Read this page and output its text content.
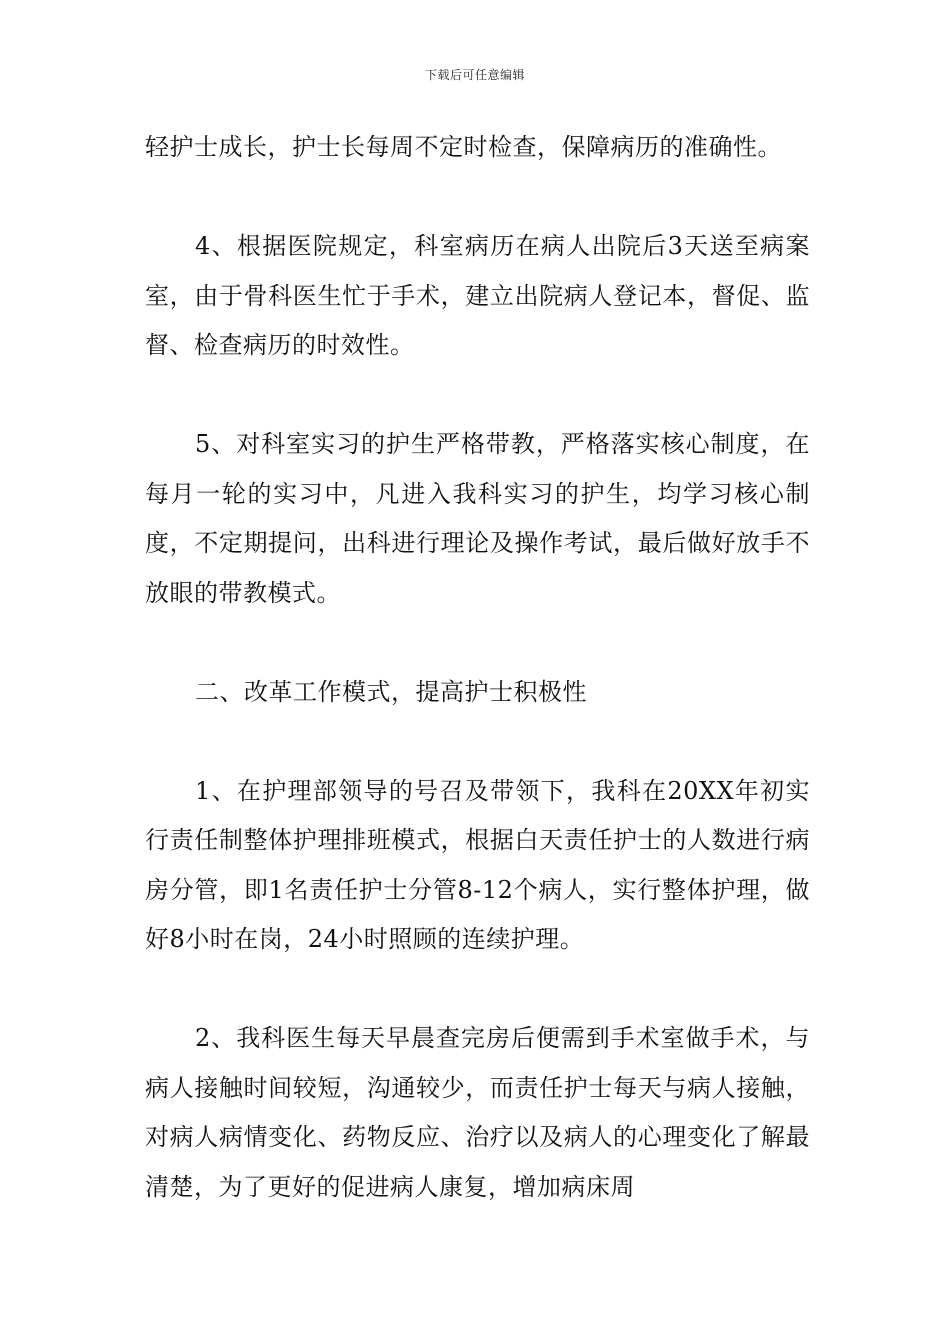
下载后可任意编辑

轻护士成长，护士长每周不定时检查，保障病历的准确性。

4、根据医院规定，科室病历在病人出院后3天送至病案室，由于骨科医生忙于手术，建立出院病人登记本，督促、监督、检查病历的时效性。

5、对科室实习的护生严格带教，严格落实核心制度，在每月一轮的实习中，凡进入我科实习的护生，均学习核心制度，不定期提问，出科进行理论及操作考试，最后做好放手不放眼的带教模式。

二、改革工作模式，提高护士积极性

1、在护理部领导的号召及带领下，我科在20XX年初实行责任制整体护理排班模式，根据白天责任护士的人数进行病房分管，即1名责任护士分管8-12个病人，实行整体护理，做好8小时在岗，24小时照顾的连续护理。

2、我科医生每天早晨查完房后便需到手术室做手术，与病人接触时间较短，沟通较少，而责任护士每天与病人接触，对病人病情变化、药物反应、治疗以及病人的心理变化了解最清楚，为了更好的促进病人康复，增加病床周
